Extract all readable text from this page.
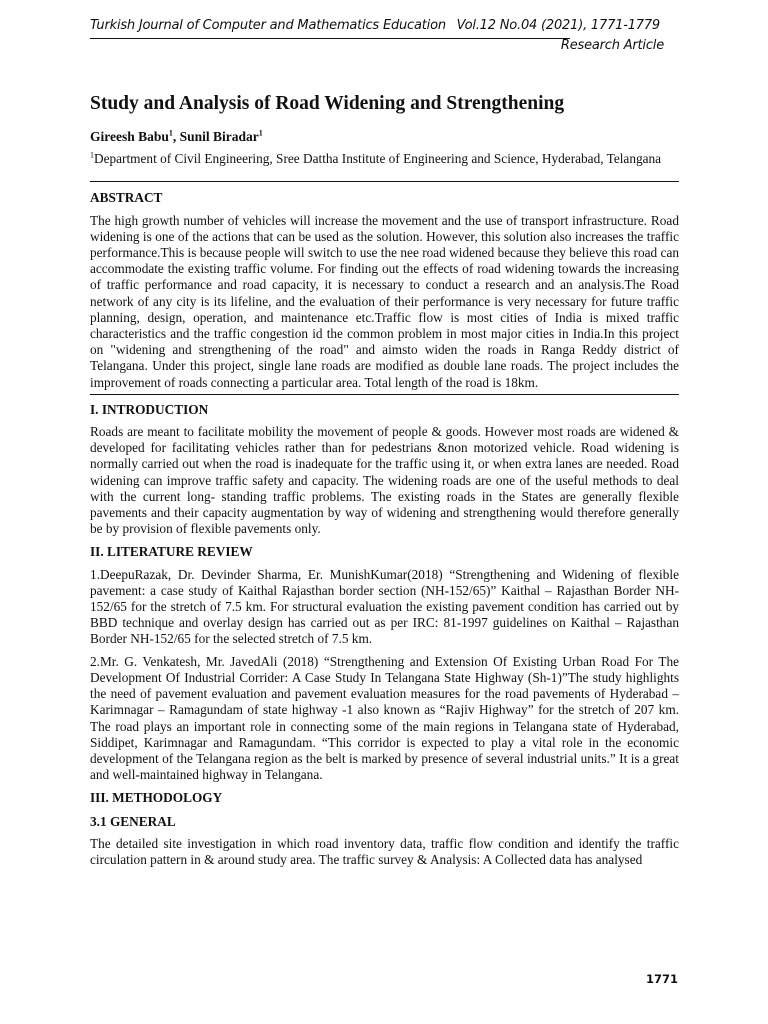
Turkish Journal of Computer and Mathematics Education Vol.12 No.04 (2021), 1771-1779
Research Article
Study and Analysis of Road Widening and Strengthening
Gireesh Babu$^1$, Sunil Biradar$^1$
$^1$Department of Civil Engineering, Sree Dattha Institute of Engineering and Science, Hyderabad, Telangana
ABSTRACT

The high growth number of vehicles will increase the movement and the use of transport infrastructure. Road widening is one of the actions that can be used as the solution. However, this solution also increases the traffic performance.This is because people will switch to use the nee road widened because they believe this road can accommodate the existing traffic volume. For finding out the effects of road widening towards the increasing of traffic performance and road capacity, it is necessary to conduct a research and an analysis.The Road network of any city is its lifeline, and the evaluation of their performance is very necessary for future traffic planning, design, operation, and maintenance etc.Traffic flow is most cities of India is mixed traffic characteristics and the traffic congestion id the common problem in most major cities in India.In this project on "widening and strengthening of the road" and aimsto widen the roads in Ranga Reddy district of Telangana. Under this project, single lane roads are modified as double lane roads. The project includes the improvement of roads connecting a particular area. Total length of the road is 18km.

I. INTRODUCTION

Roads are meant to facilitate mobility the movement of people & goods. However most roads are widened & developed for facilitating vehicles rather than for pedestrians &non motorized vehicle. Road widening is normally carried out when the road is inadequate for the traffic using it, or when extra lanes are needed. Road widening can improve traffic safety and capacity. The widening roads are one of the useful methods to deal with the current long- standing traffic problems. The existing roads in the States are generally flexible pavements and their capacity augmentation by way of widening and strengthening would therefore generally be by provision of flexible pavements only.

II. LITERATURE REVIEW

1.DeepuRazak, Dr. Devinder Sharma, Er. MunishKumar(2018) “Strengthening and Widening of flexible pavement: a case study of Kaithal Rajasthan border section (NH-152/65)” Kaithal – Rajasthan Border NH-152/65 for the stretch of 7.5 km. For structural evaluation the existing pavement condition has carried out by BBD technique and overlay design has carried out as per IRC: 81-1997 guidelines on Kaithal – Rajasthan Border NH-152/65 for the selected stretch of 7.5 km.

2.Mr. G. Venkatesh, Mr. JavedAli (2018) “Strengthening and Extension Of Existing Urban Road For The Development Of Industrial Corrider: A Case Study In Telangana State Highway (Sh-1)”The study highlights the need of pavement evaluation and pavement evaluation measures for the road pavements of Hyderabad – Karimnagar – Ramagundam of state highway -1 also known as “Rajiv Highway” for the stretch of 207 km. The road plays an important role in connecting some of the main regions in Telangana state of Hyderabad, Siddipet, Karimnagar and Ramagundam. “This corridor is expected to play a vital role in the economic development of the Telangana region as the belt is marked by presence of several industrial units.” It is a great and well-maintained highway in Telangana.

III. METHODOLOGY
3.1 GENERAL

The detailed site investigation in which road inventory data, traffic flow condition and identify the traffic circulation pattern in & around study area. The traffic survey & Analysis: A Collected data has analysed

1771
